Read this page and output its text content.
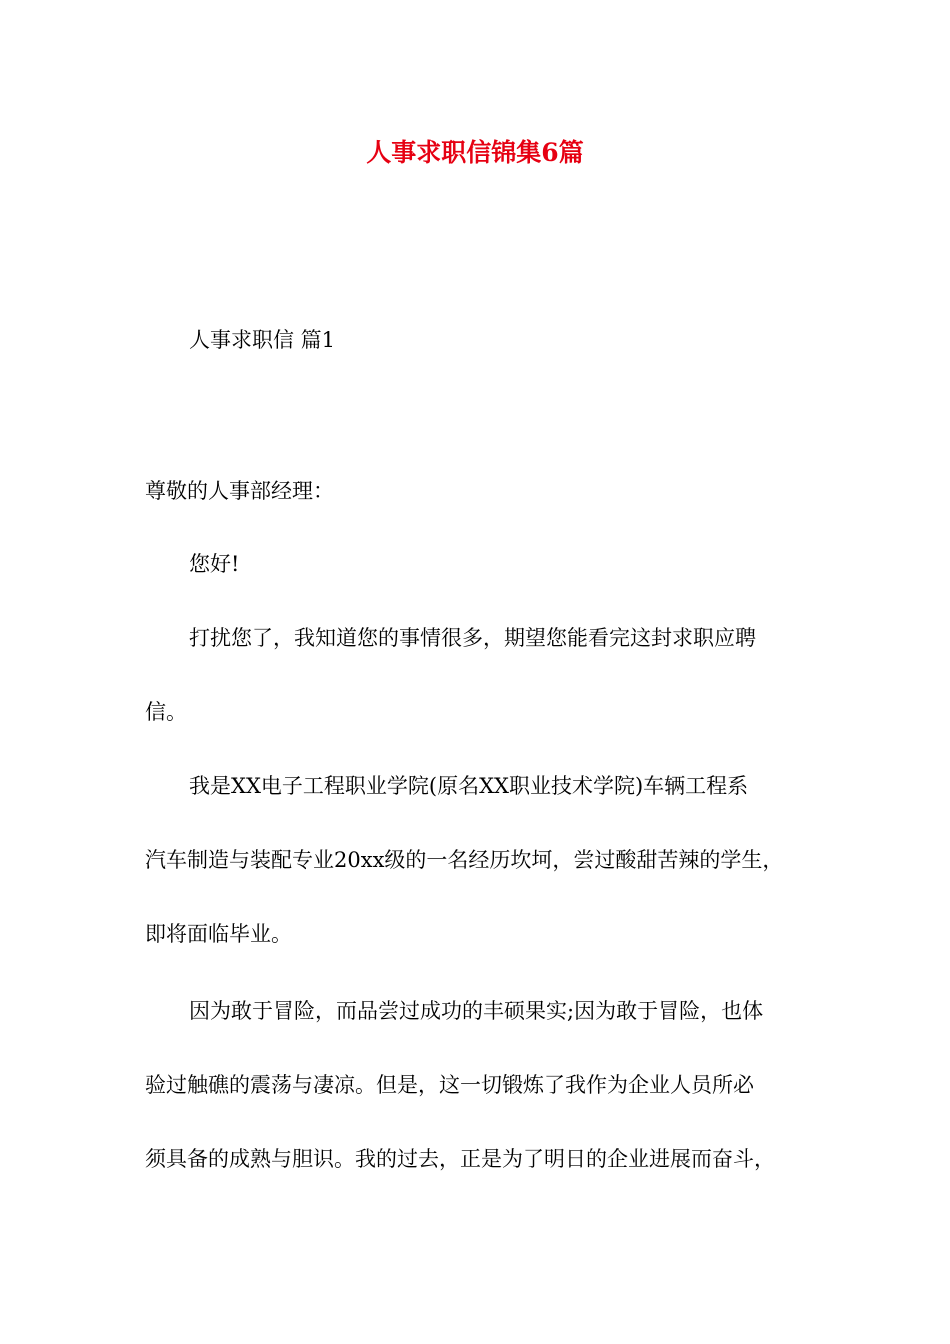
人事求职信锦集6篇
人事求职信 篇1
尊敬的人事部经理：
您好!
打扰您了，我知道您的事情很多，期望您能看完这封求职应聘
信。
我是XX电子工程职业学院(原名XX职业技术学院)车辆工程系
汽车制造与装配专业20xx级的一名经历坎坷，尝过酸甜苦辣的学生，
即将面临毕业。
因为敢于冒险，而品尝过成功的丰硕果实;因为敢于冒险，也体
验过触礁的震荡与凄凉。但是，这一切锻炼了我作为企业人员所必
须具备的成熟与胆识。我的过去，正是为了明日的企业进展而奋斗，
